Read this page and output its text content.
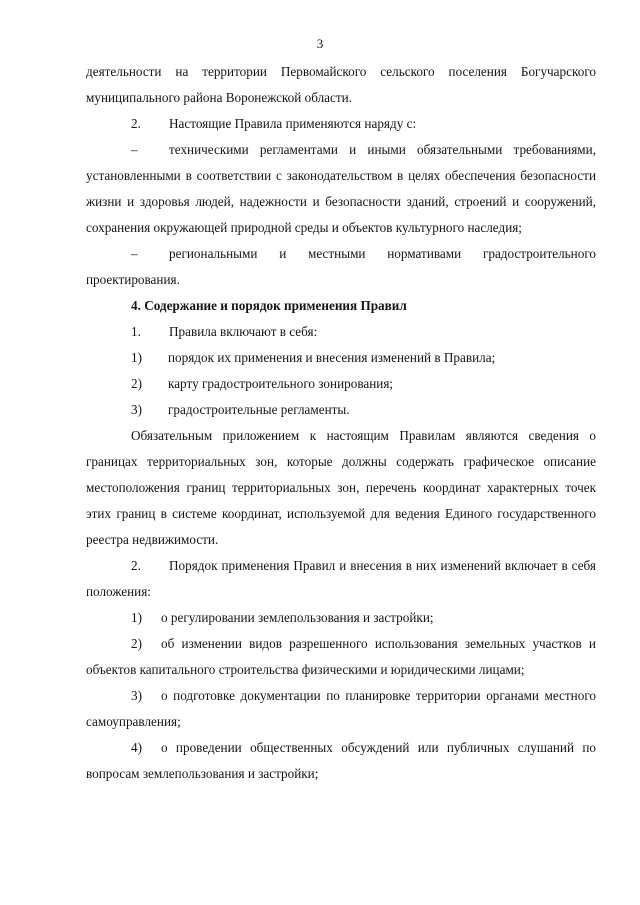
3

деятельности на территории Первомайского сельского поселения Богучарского муниципального района Воронежской области.

2. Настоящие Правила применяются наряду с:

– техническими регламентами и иными обязательными требованиями, установленными в соответствии с законодательством в целях обеспечения безопасности жизни и здоровья людей, надежности и безопасности зданий, строений и сооружений, сохранения окружающей природной среды и объектов культурного наследия;

– региональными и местными нормативами градостроительного проектирования.

4. Содержание и порядок применения Правил

1. Правила включают в себя:

1) порядок их применения и внесения изменений в Правила;

2) карту градостроительного зонирования;

3) градостроительные регламенты.

Обязательным приложением к настоящим Правилам являются сведения о границах территориальных зон, которые должны содержать графическое описание местоположения границ территориальных зон, перечень координат характерных точек этих границ в системе координат, используемой для ведения Единого государственного реестра недвижимости.

2. Порядок применения Правил и внесения в них изменений включает в себя положения:

1) о регулировании землепользования и застройки;

2) об изменении видов разрешенного использования земельных участков и объектов капитального строительства физическими и юридическими лицами;

3) о подготовке документации по планировке территории органами местного самоуправления;

4) о проведении общественных обсуждений или публичных слушаний по вопросам землепользования и застройки;
